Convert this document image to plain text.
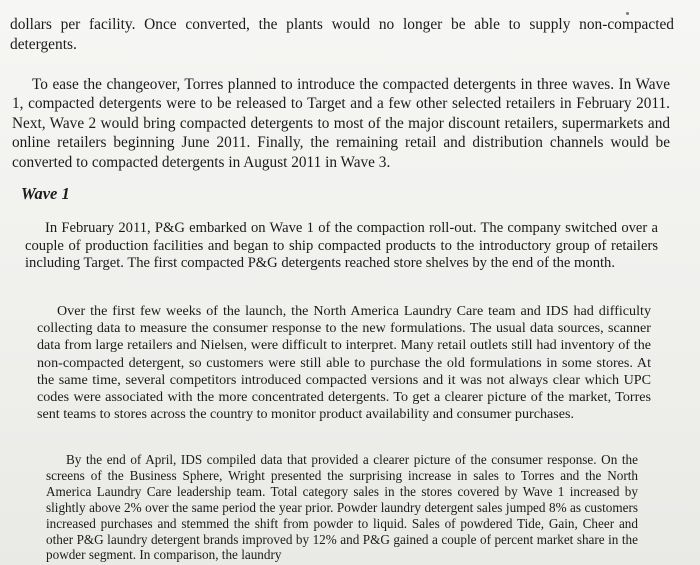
dollars per facility. Once converted, the plants would no longer be able to supply non-compacted detergents.

To ease the changeover, Torres planned to introduce the compacted detergents in three waves. In Wave 1, compacted detergents were to be released to Target and a few other selected retailers in February 2011. Next, Wave 2 would bring compacted detergents to most of the major discount retailers, supermarkets and online retailers beginning June 2011. Finally, the remaining retail and distribution channels would be converted to compacted detergents in August 2011 in Wave 3.

Wave 1

In February 2011, P&G embarked on Wave 1 of the compaction roll-out. The company switched over a couple of production facilities and began to ship compacted products to the introductory group of retailers including Target. The first compacted P&G detergents reached store shelves by the end of the month.

Over the first few weeks of the launch, the North America Laundry Care team and IDS had difficulty collecting data to measure the consumer response to the new formulations. The usual data sources, scanner data from large retailers and Nielsen, were difficult to interpret. Many retail outlets still had inventory of the non-compacted detergent, so customers were still able to purchase the old formulations in some stores. At the same time, several competitors introduced compacted versions and it was not always clear which UPC codes were associated with the more concentrated detergents. To get a clearer picture of the market, Torres sent teams to stores across the country to monitor product availability and consumer purchases.

By the end of April, IDS compiled data that provided a clearer picture of the consumer response. On the screens of the Business Sphere, Wright presented the surprising increase in sales to Torres and the North America Laundry Care leadership team. Total category sales in the stores covered by Wave 1 increased by slightly above 2% over the same period the year prior. Powder laundry detergent sales jumped 8% as customers increased purchases and stemmed the shift from powder to liquid. Sales of powdered Tide, Gain, Cheer and other P&G laundry detergent brands improved by 12% and P&G gained a couple of percent market share in the powder segment. In comparison, the laundry
